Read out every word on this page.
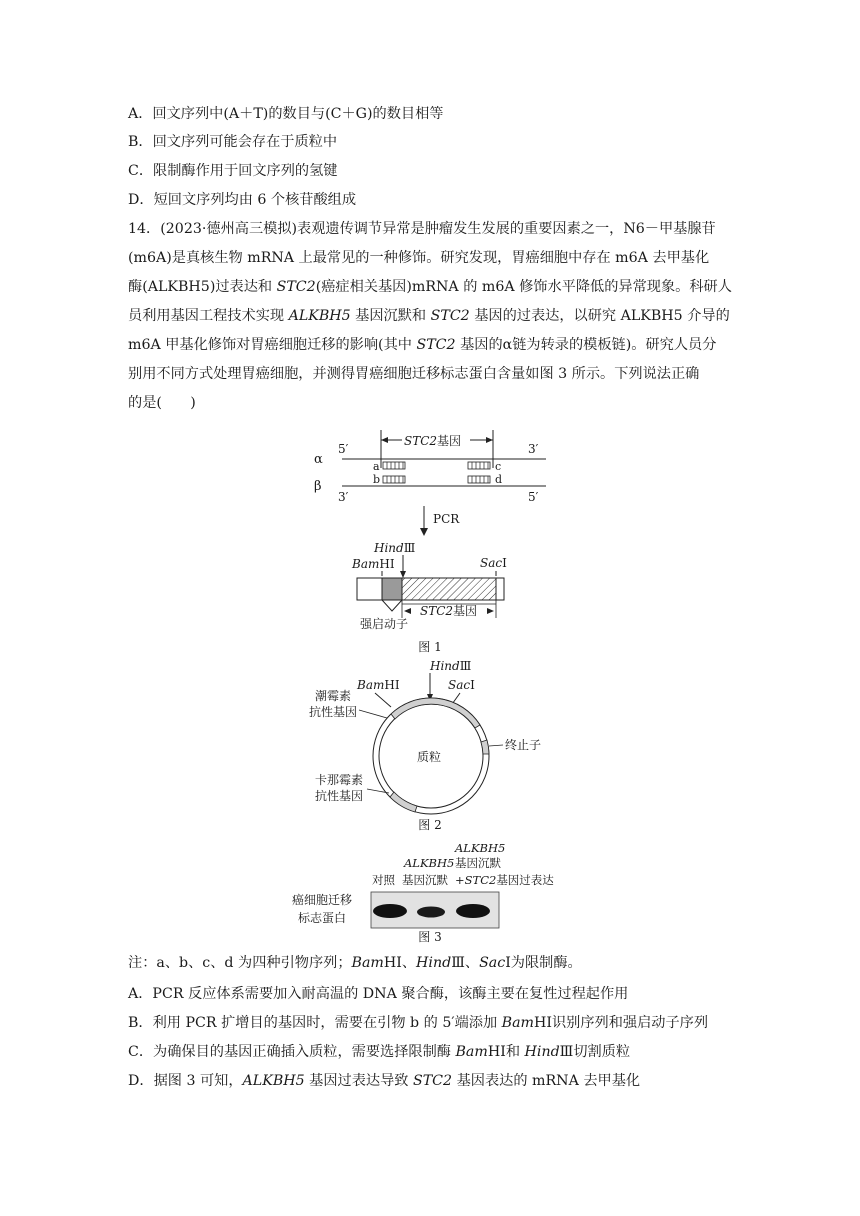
A．回文序列中(A＋T)的数目与(C＋G)的数目相等
B．回文序列可能会存在于质粒中
C．限制酶作用于回文序列的氢键
D．短回文序列均由 6 个核苷酸组成
14．(2023·德州高三模拟)表观遗传调节异常是肿瘤发生发展的重要因素之一，N6－甲基腺苷
(m6A)是真核生物 mRNA 上最常见的一种修饰。研究发现，胃癌细胞中存在 m6A 去甲基化
酶(ALKBH5)过表达和 STC2(癌症相关基因)mRNA 的 m6A 修饰水平降低的异常现象。科研人
员利用基因工程技术实现 ALKBH5 基因沉默和 STC2 基因的过表达，以研究 ALKBH5 介导的
m6A 甲基化修饰对胃癌细胞迁移的影响(其中 STC2 基因的α链为转录的模板链)。研究人员分
别用不同方式处理胃癌细胞，并测得胃癌细胞迁移标志蛋白含量如图 3 所示。下列说法正确
的是(　　)
STC2基因
5′	3′
α	a
b
c
d
β
3′	5′
PCR
HindⅢ
BamHⅠ	SacⅠ
强启动子
STC2基因
图 1
HindⅢ
BamHⅠ	SacⅠ
潮霉素
抗性基因
终止子
质粒
卡那霉素
抗性基因
图 2
ALKBH5
基因沉默
ALKBH5
对照 基因沉默 +STC2基因过表达
癌细胞迁移
标志蛋白
图 3
注：a、b、c、d 为四种引物序列；BamHⅠ、HindⅢ、SacⅠ为限制酶。
A．PCR 反应体系需要加入耐高温的 DNA 聚合酶，该酶主要在复性过程起作用
B．利用 PCR 扩增目的基因时，需要在引物 b 的 5′端添加 BamHⅠ识别序列和强启动子序列
C．为确保目的基因正确插入质粒，需要选择限制酶 BamHⅠ和 HindⅢ切割质粒
D．据图 3 可知，ALKBH5 基因过表达导致 STC2 基因表达的 mRNA 去甲基化
